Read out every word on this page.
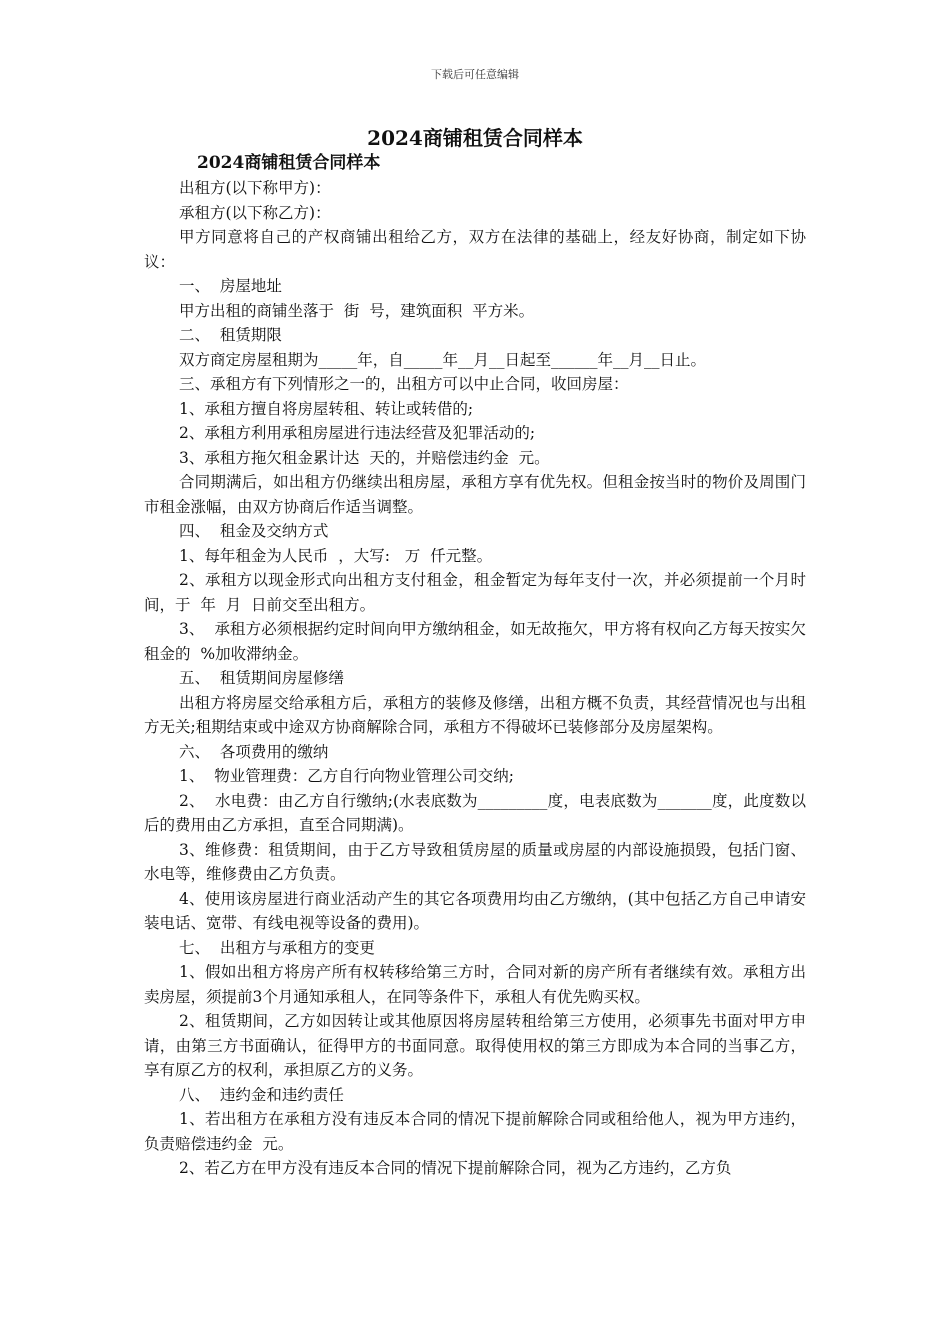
下载后可任意编辑
2024商铺租赁合同样本
2024商铺租赁合同样本

出租方(以下称甲方)：

承租方(以下称乙方)：

甲方同意将自己的产权商铺出租给乙方，双方在法律的基础上，经友好协商，制定如下协议：

一、  房屋地址

甲方出租的商铺坐落于  街  号，建筑面积  平方米。

二、  租赁期限

双方商定房屋租期为_____年，自_____年__月__日起至______年__月__日止。

三、承租方有下列情形之一的，出租方可以中止合同，收回房屋：

1、承租方擅自将房屋转租、转让或转借的;

2、承租方利用承租房屋进行违法经营及犯罪活动的;

3、承租方拖欠租金累计达  天的，并赔偿违约金  元。

合同期满后，如出租方仍继续出租房屋，承租方享有优先权。但租金按当时的物价及周围门市租金涨幅，由双方协商后作适当调整。

四、  租金及交纳方式

1、每年租金为人民币  ，大写:   万  仟元整。

2、承租方以现金形式向出租方支付租金，租金暂定为每年支付一次，并必须提前一个月时间，于  年  月  日前交至出租方。

3、  承租方必须根据约定时间向甲方缴纳租金，如无故拖欠，甲方将有权向乙方每天按实欠租金的  %加收滞纳金。

五、  租赁期间房屋修缮

出租方将房屋交给承租方后，承租方的装修及修缮，出租方概不负责，其经营情况也与出租方无关;租期结束或中途双方协商解除合同，承租方不得破坏已装修部分及房屋架构。

六、  各项费用的缴纳

1、  物业管理费：乙方自行向物业管理公司交纳;

2、  水电费：由乙方自行缴纳;(水表底数为_________度，电表底数为_______度，此度数以后的费用由乙方承担，直至合同期满)。

3、维修费：租赁期间，由于乙方导致租赁房屋的质量或房屋的内部设施损毁，包括门窗、水电等，维修费由乙方负责。

4、使用该房屋进行商业活动产生的其它各项费用均由乙方缴纳，(其中包括乙方自己申请安装电话、宽带、有线电视等设备的费用)。

七、  出租方与承租方的变更

1、假如出租方将房产所有权转移给第三方时，合同对新的房产所有者继续有效。承租方出卖房屋，须提前3个月通知承租人，在同等条件下，承租人有优先购买权。

2、租赁期间，乙方如因转让或其他原因将房屋转租给第三方使用，必须事先书面对甲方申请，由第三方书面确认，征得甲方的书面同意。取得使用权的第三方即成为本合同的当事乙方，享有原乙方的权利，承担原乙方的义务。

八、  违约金和违约责任

1、若出租方在承租方没有违反本合同的情况下提前解除合同或租给他人，视为甲方违约，负责赔偿违约金  元。

2、若乙方在甲方没有违反本合同的情况下提前解除合同，视为乙方违约，乙方负
